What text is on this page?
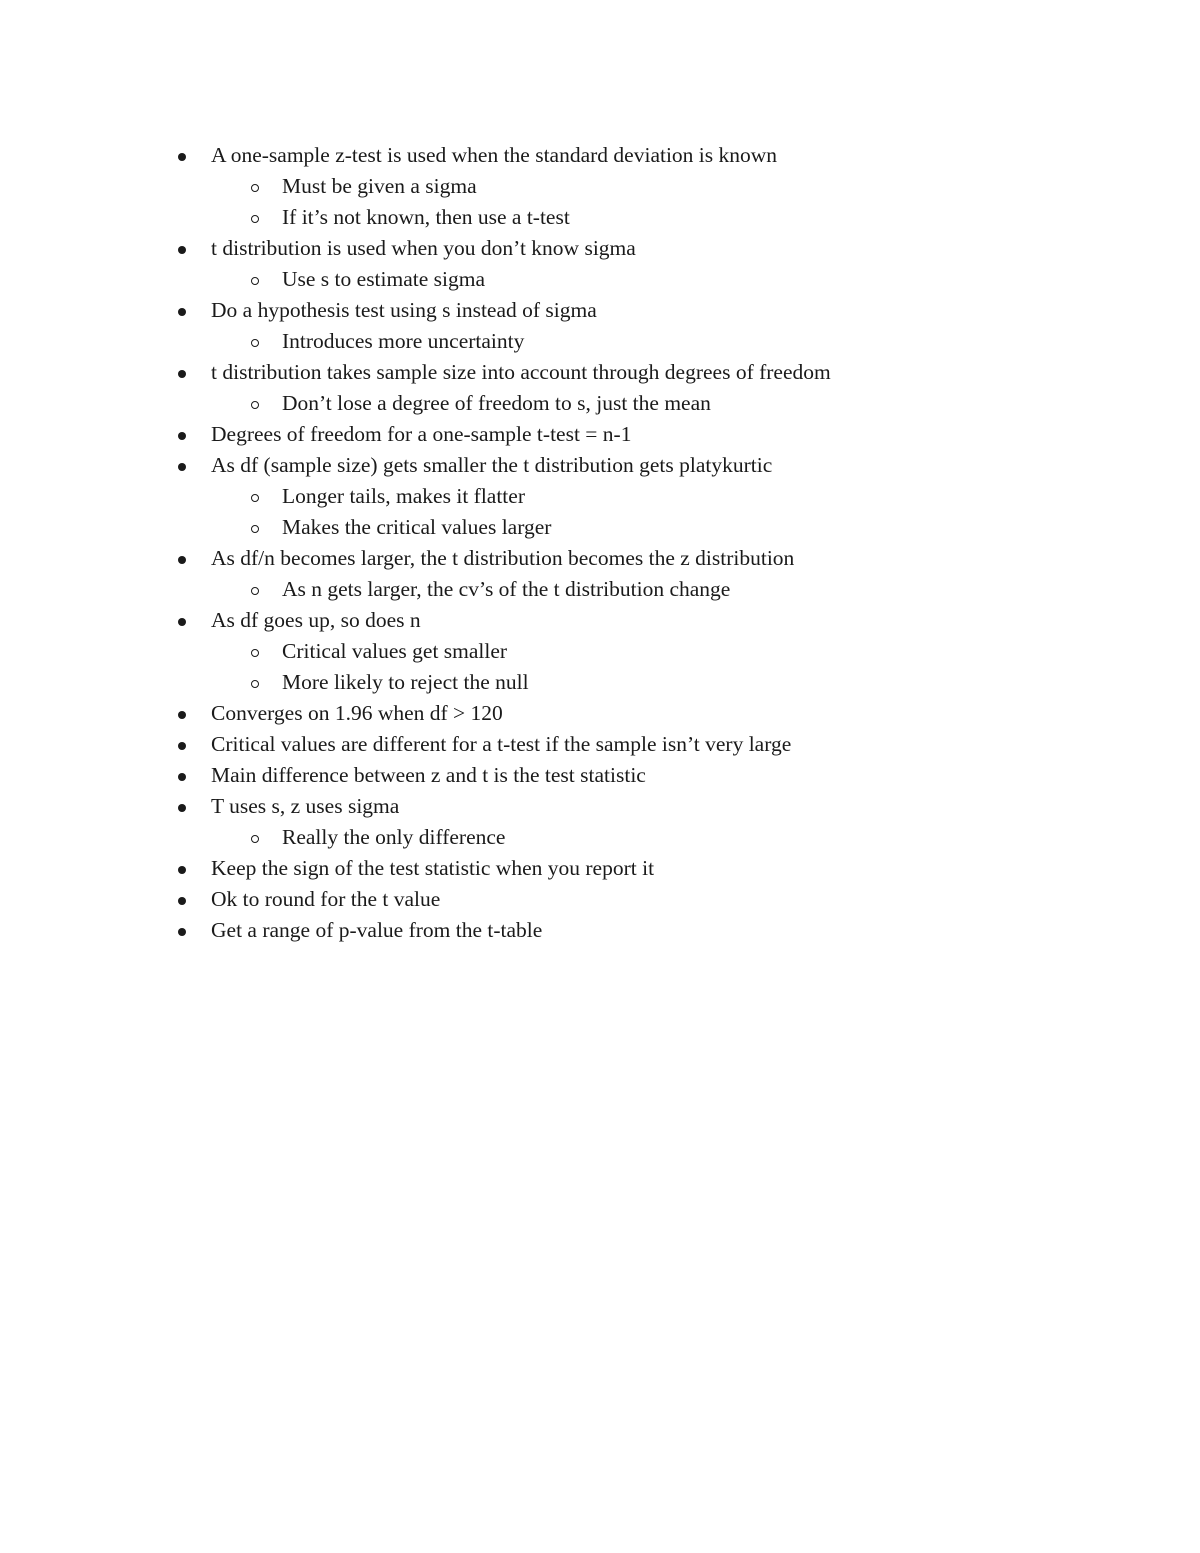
A one-sample z-test is used when the standard deviation is known
Must be given a sigma
If it’s not known, then use a t-test
t distribution is used when you don’t know sigma
Use s to estimate sigma
Do a hypothesis test using s instead of sigma
Introduces more uncertainty
t distribution takes sample size into account through degrees of freedom
Don’t lose a degree of freedom to s, just the mean
Degrees of freedom for a one-sample t-test = n-1
As df (sample size) gets smaller the t distribution gets platykurtic
Longer tails, makes it flatter
Makes the critical values larger
As df/n becomes larger, the t distribution becomes the z distribution
As n gets larger, the cv’s of the t distribution change
As df goes up, so does n
Critical values get smaller
More likely to reject the null
Converges on 1.96 when df > 120
Critical values are different for a t-test if the sample isn’t very large
Main difference between z and t is the test statistic
T uses s, z uses sigma
Really the only difference
Keep the sign of the test statistic when you report it
Ok to round for the t value
Get a range of p-value from the t-table
